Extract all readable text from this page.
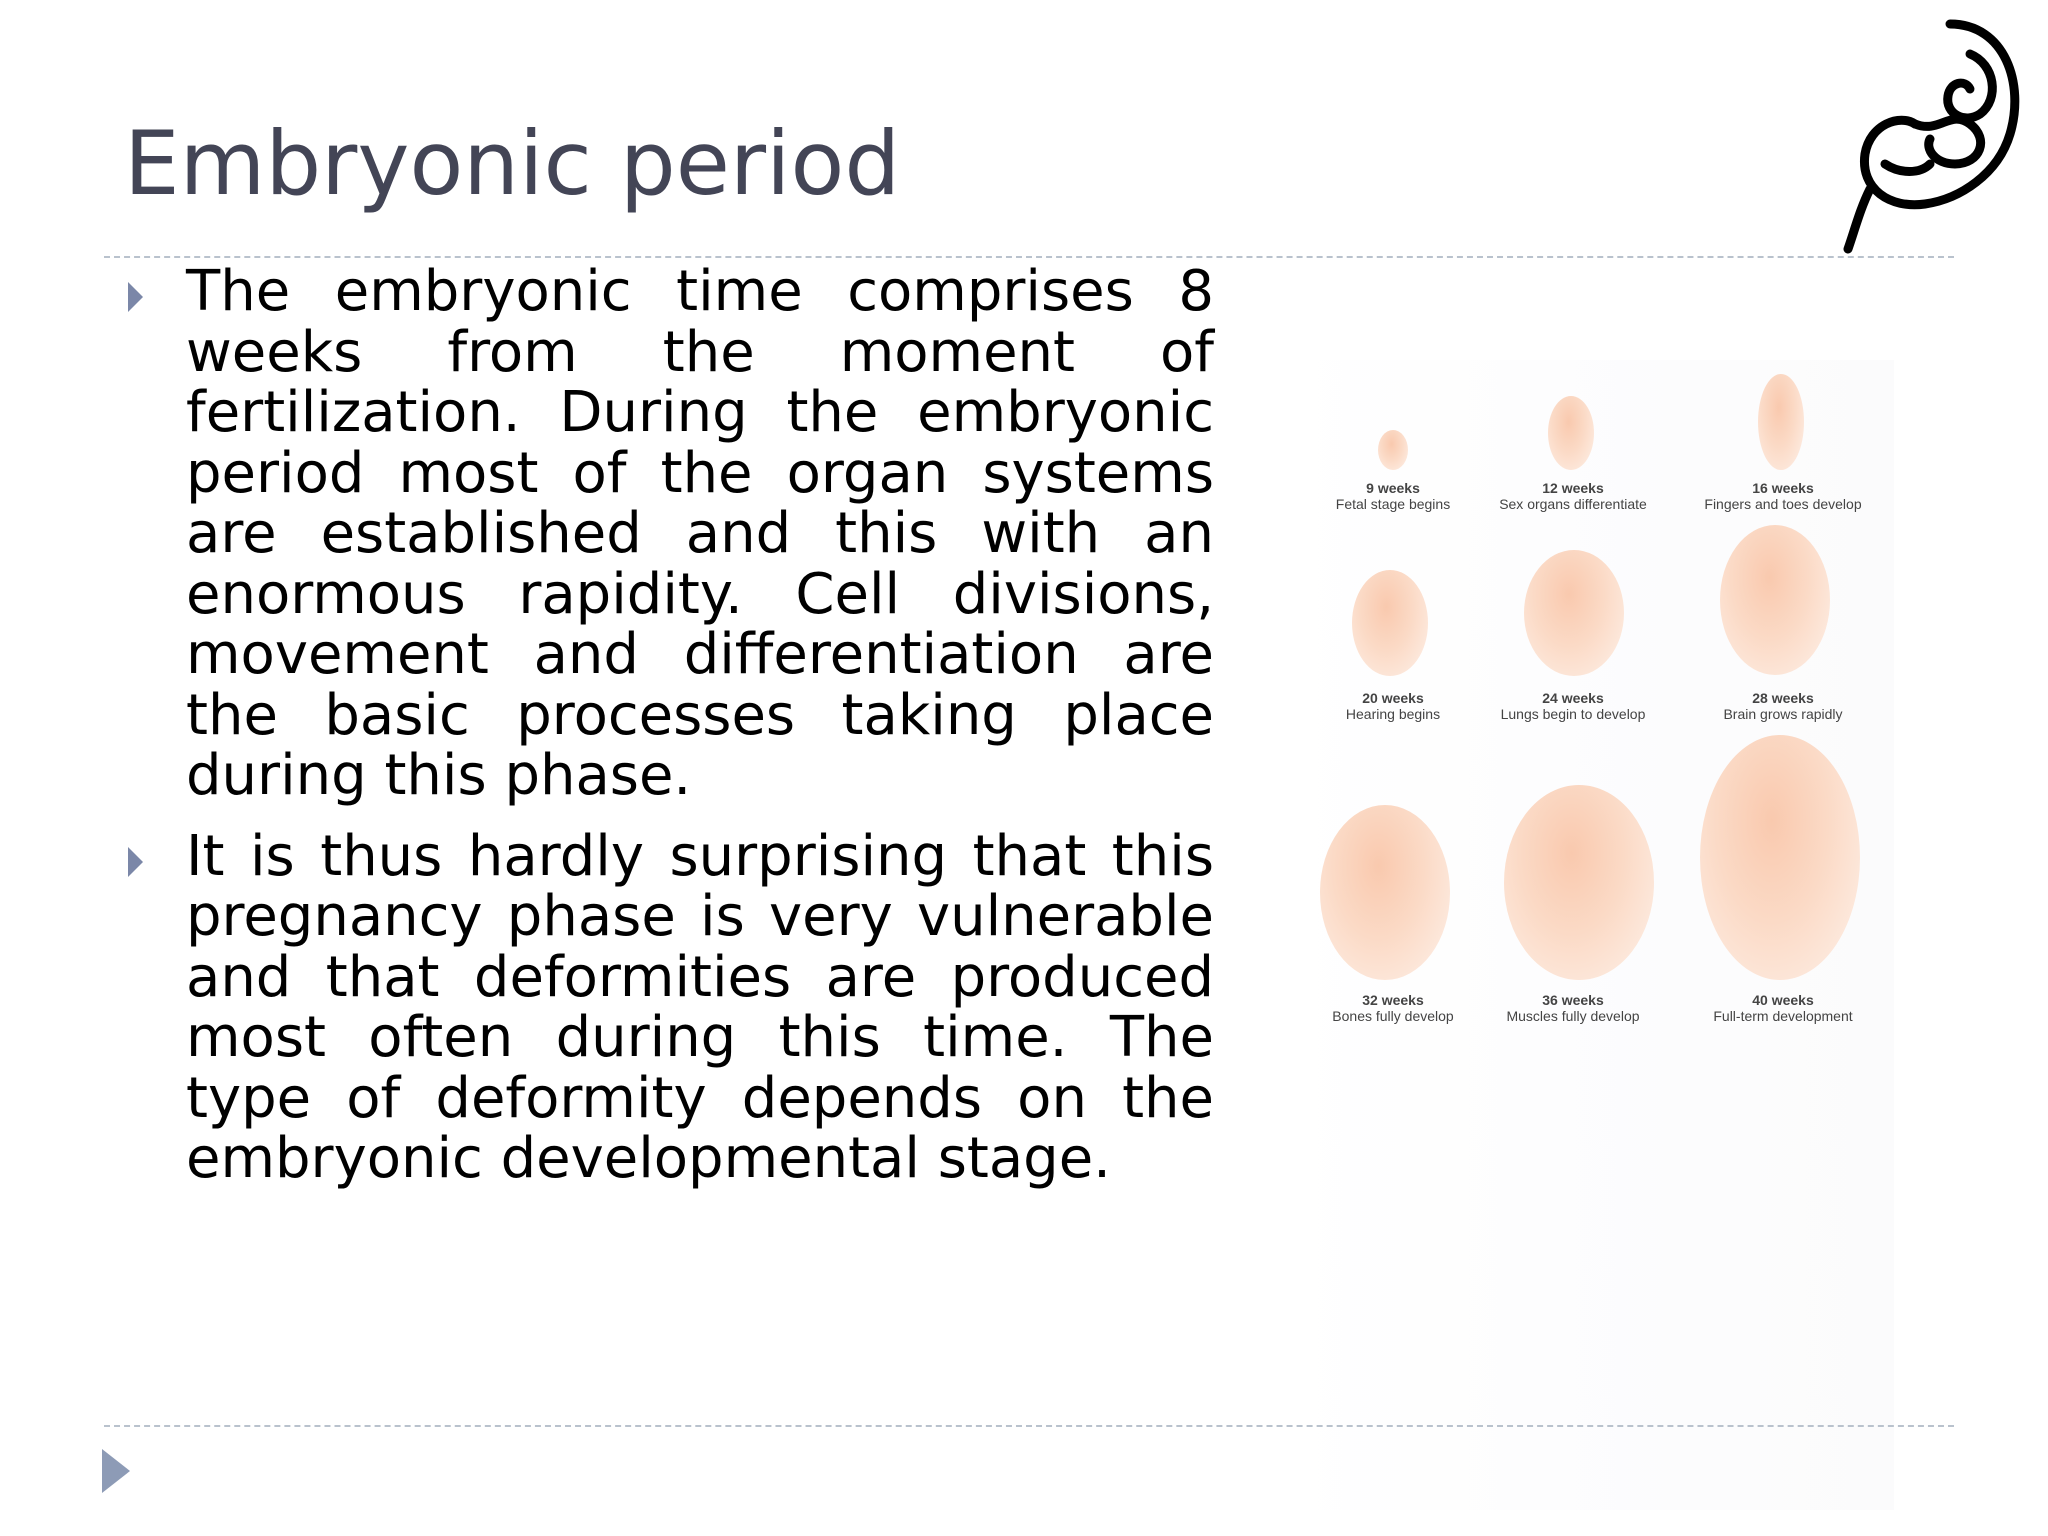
Embryonic period
The embryonic time comprises 8 weeks from the moment of fertilization. During the embryonic period most of the organ systems are established and this with an enormous rapidity. Cell divisions, movement and differentiation are the basic processes taking place during this phase.
It is thus hardly surprising that this pregnancy phase is very vulnerable and that deformities are produced most often during this time. The type of deformity depends on the embryonic developmental stage.
9 weeks
Fetal stage begins
12 weeks
Sex organs differentiate
16 weeks
Fingers and toes develop
20 weeks
Hearing begins
24 weeks
Lungs begin to develop
28 weeks
Brain grows rapidly
32 weeks
Bones fully develop
36 weeks
Muscles fully develop
40 weeks
Full-term development
